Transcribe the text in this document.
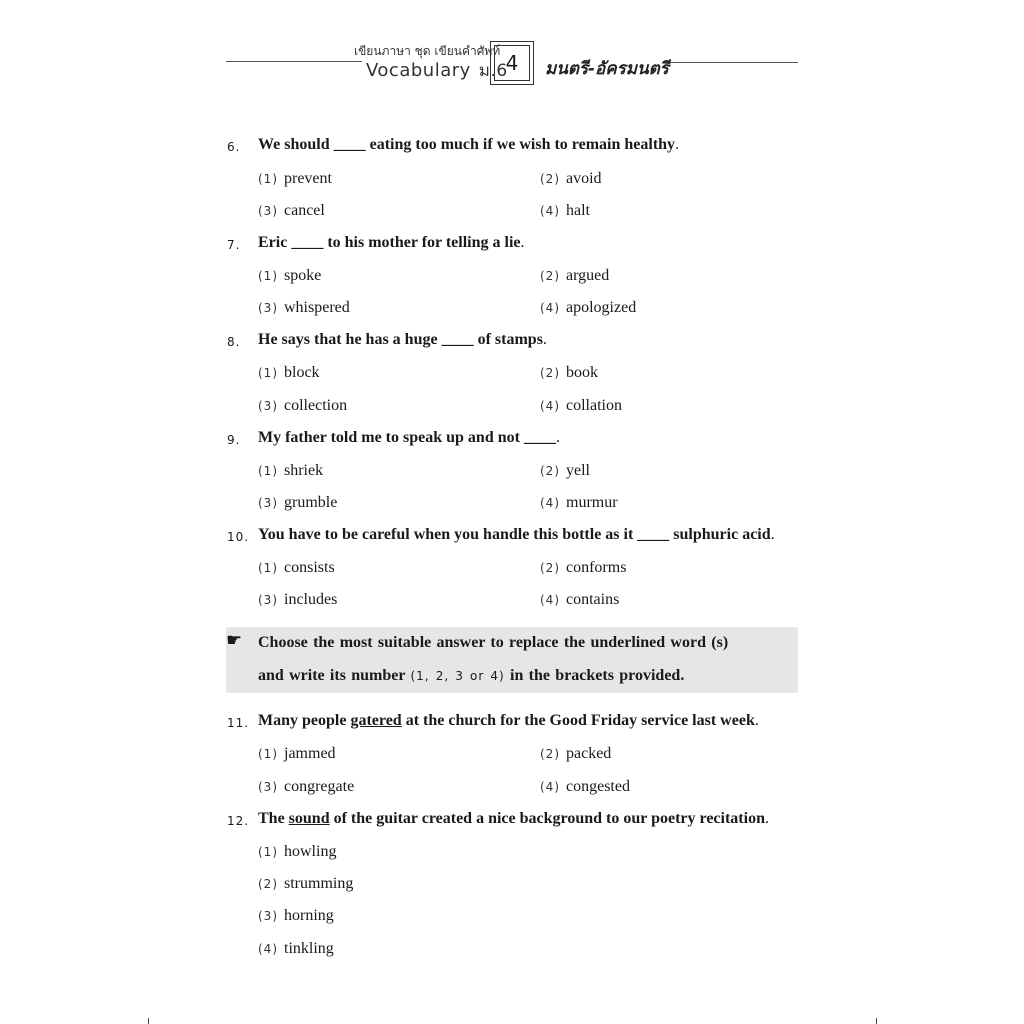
เขียนภาษา ชุด เขียนคำศัพท์
Vocabulary ม.6
4	มนตรี-อัครมนตรี
6. We should ____ eating too much if we wish to remain healthy.
(1) prevent	(2) avoid
(3) cancel	(4) halt
7. Eric ____ to his mother for telling a lie.
(1) spoke	(2) argued
(3) whispered	(4) apologized
8. He says that he has a huge ____ of stamps.
(1) block	(2) book
(3) collection	(4) collation
9. My father told me to speak up and not ____.
(1) shriek	(2) yell
(3) grumble	(4) murmur
10. You have to be careful when you handle this bottle as it ____ sulphuric acid.
(1) consists	(2) conforms
(3) includes	(4) contains
☛ Choose the most suitable answer to replace the underlined word (s)
and write its number (1, 2, 3 or 4) in the brackets provided.
11. Many people gatered at the church for the Good Friday service last week.
(1) jammed	(2) packed
(3) congregate	(4) congested
12. The sound of the guitar created a nice background to our poetry recitation.
(1) howling
(2) strumming
(3) horning
(4) tinkling
